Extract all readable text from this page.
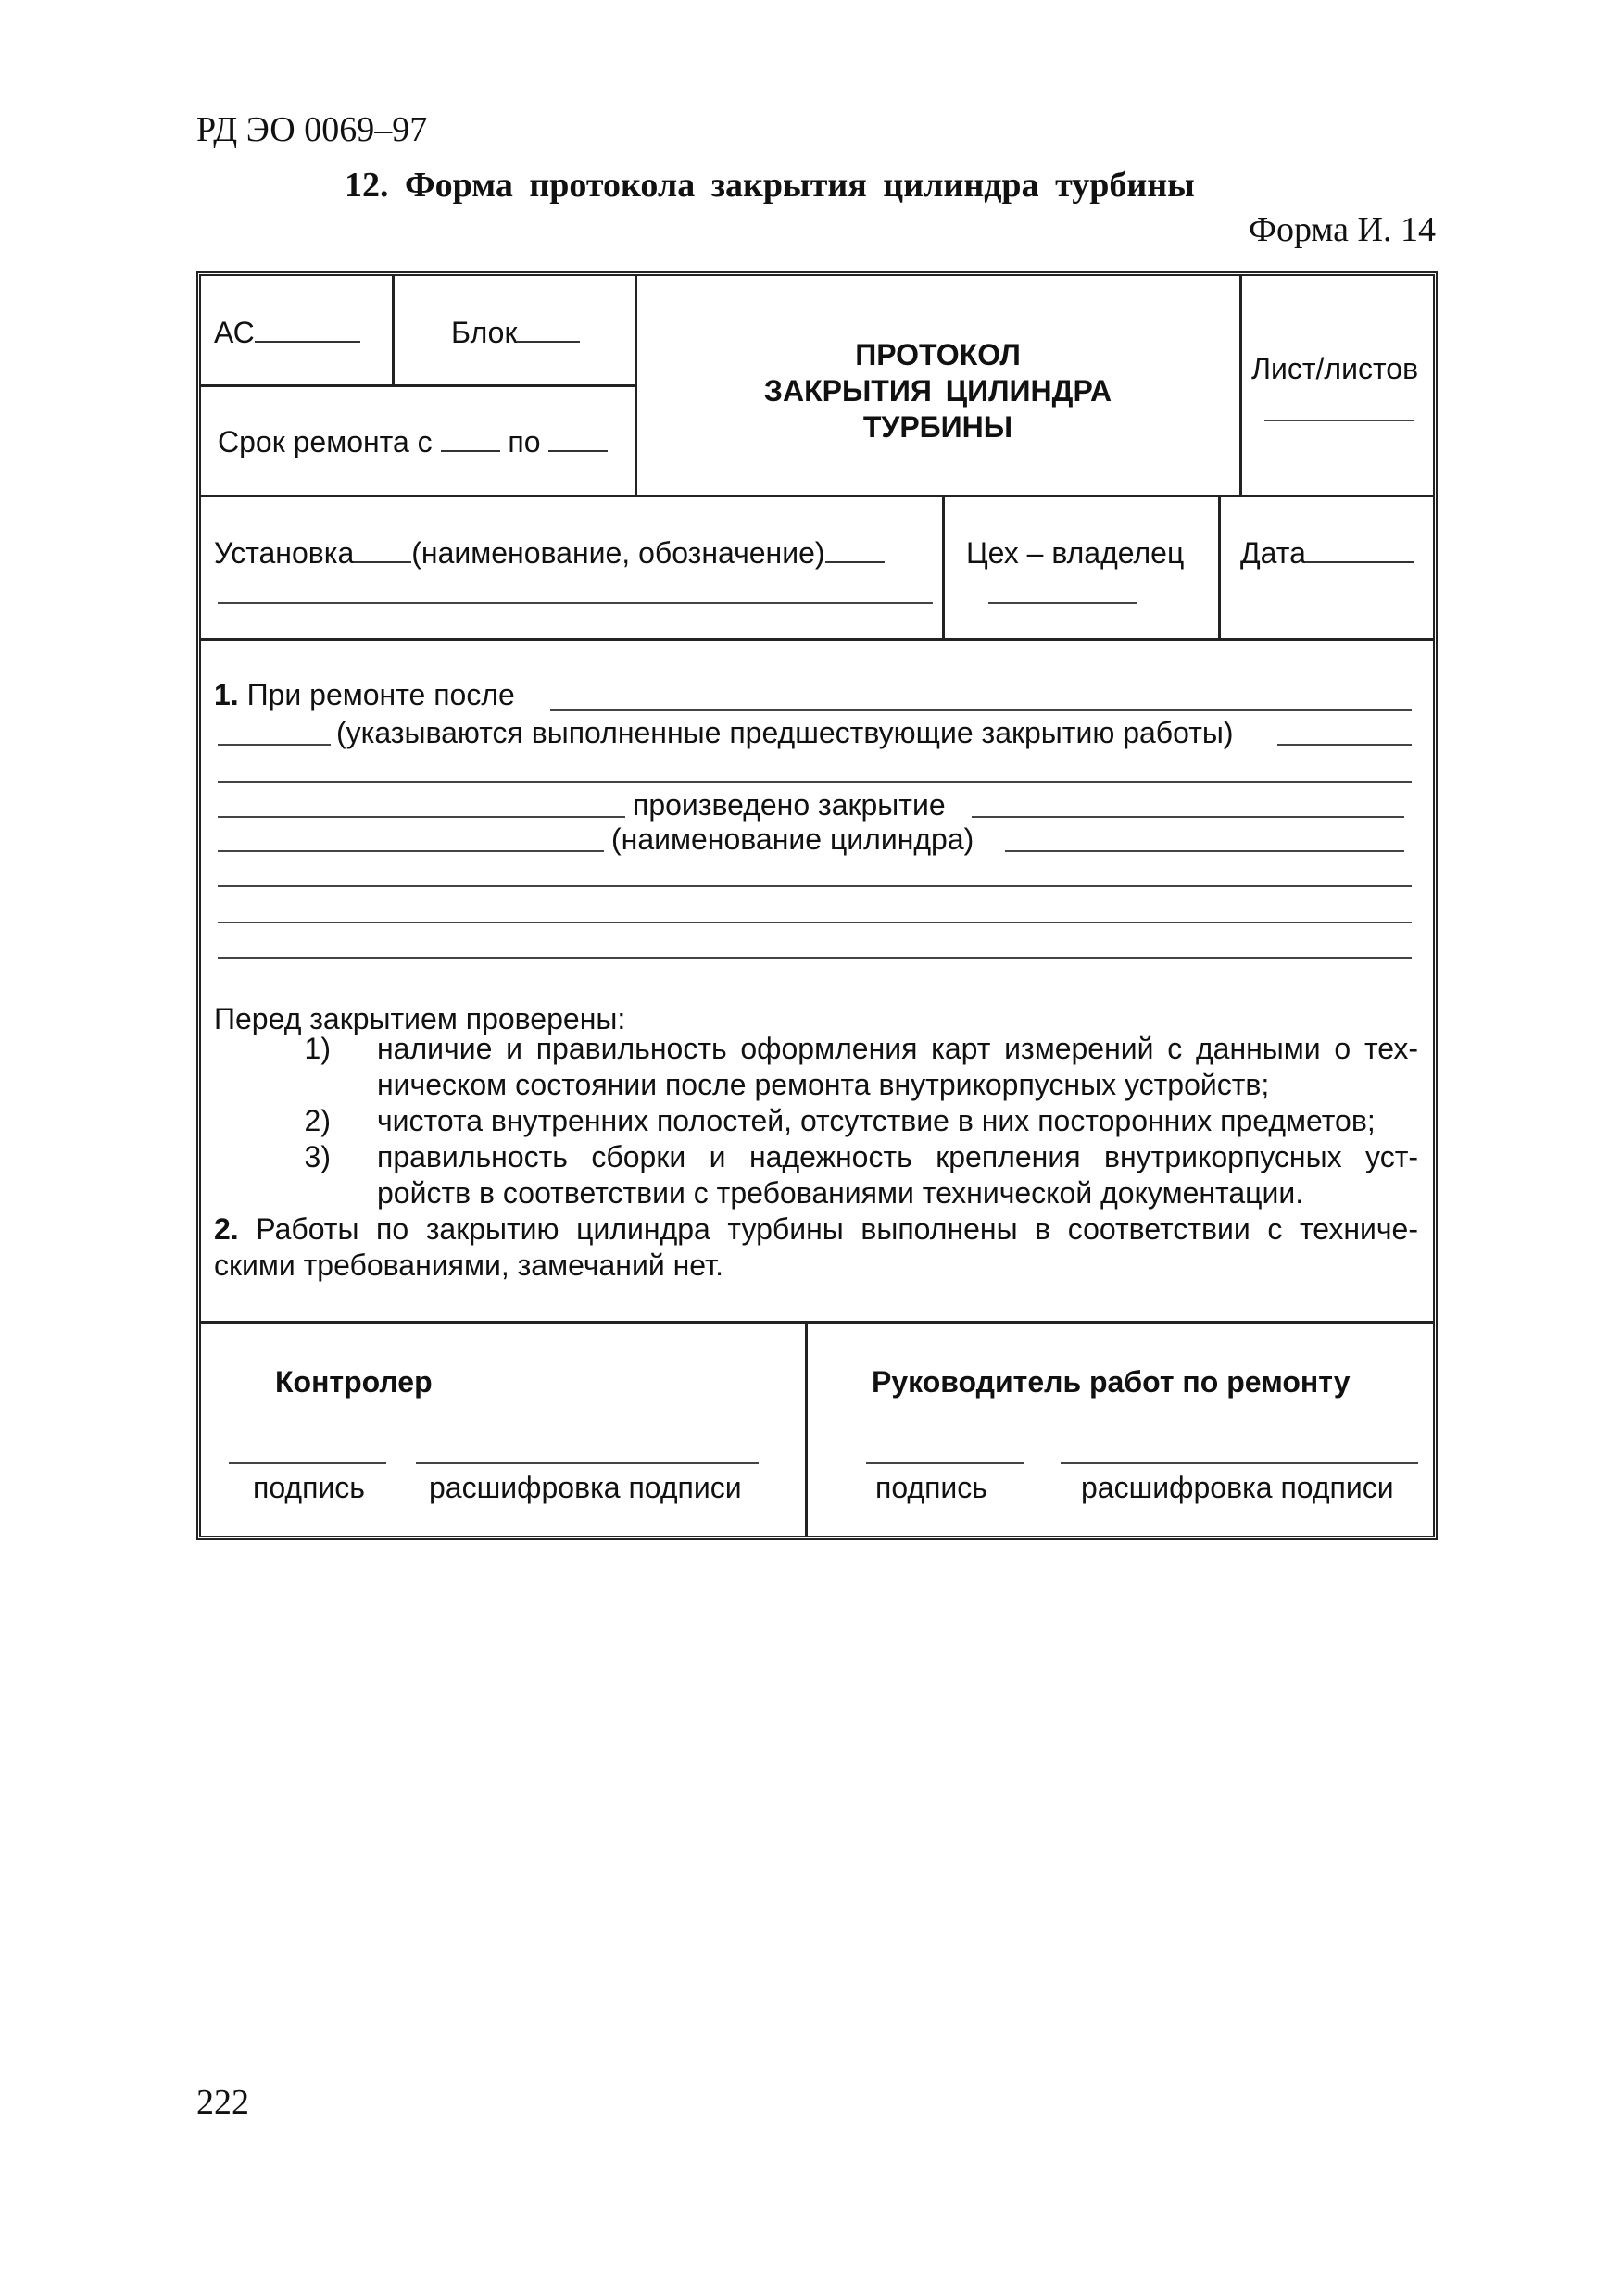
РД ЭО 0069–97
12. Форма протокола закрытия цилиндра турбины
Форма И. 14
АС	Блок
Срок ремонта с	по
ПРОТОКОЛ
ЗАКРЫТИЯ ЦИЛИНДРА
ТУРБИНЫ
Лист/листов
Установка (наименование, обозначение)	Цех – владелец Дата
1. При ремонте после
(указываются выполненные предшествующие закрытию работы)
произведено закрытие
(наименование цилиндра)
Перед закрытием проверены:
1) наличие и правильность оформления карт измерений с данными о тех-
ническом состоянии после ремонта внутрикорпусных устройств;
2) чистота внутренних полостей, отсутствие в них посторонних предметов;
3) правильность сборки и надежность крепления внутрикорпусных уст-
ройств в соответствии с требованиями технической документации.
2. Работы по закрытию цилиндра турбины выполнены в соответствии с техниче-
скими требованиями, замечаний нет.
Контролер
подпись расшифровка подписи
Руководитель работ по ремонту
подпись	расшифровка подписи
222
